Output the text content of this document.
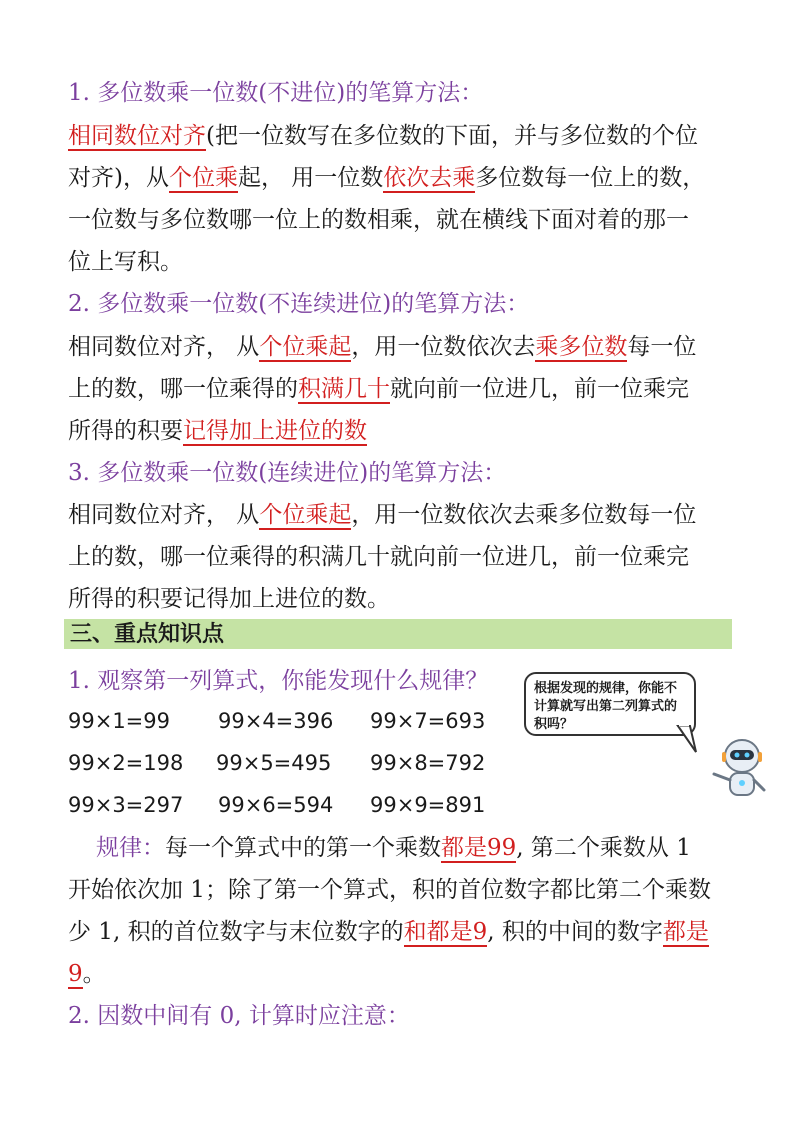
1. 多位数乘一位数(不进位)的笔算方法：
相同数位对齐(把一位数写在多位数的下面，并与多位数的个位
对齐)，从个位乘起， 用一位数依次去乘多位数每一位上的数，
一位数与多位数哪一位上的数相乘，就在横线下面对着的那一
位上写积。
2. 多位数乘一位数(不连续进位)的笔算方法：
相同数位对齐， 从个位乘起，用一位数依次去乘多位数每一位
上的数，哪一位乘得的积满几十就向前一位进几，前一位乘完
所得的积要记得加上进位的数
3. 多位数乘一位数(连续进位)的笔算方法：
相同数位对齐， 从个位乘起，用一位数依次去乘多位数每一位
上的数，哪一位乘得的积满几十就向前一位进几，前一位乘完
所得的积要记得加上进位的数。
三、重点知识点
1. 观察第一列算式，你能发现什么规律？
99×1=99 99×4=396 99×7=693
99×2=198 99×5=495 99×8=792
99×3=297 99×6=594 99×9=891
根据发现的规律，你能不计算就写出第二列算式的积吗？
规律：每一个算式中的第一个乘数都是99, 第二个乘数从 1
开始依次加 1；除了第一个算式，积的首位数字都比第二个乘数
少 1, 积的首位数字与末位数字的和都是9, 积的中间的数字都是
9。
2. 因数中间有 0, 计算时应注意：
